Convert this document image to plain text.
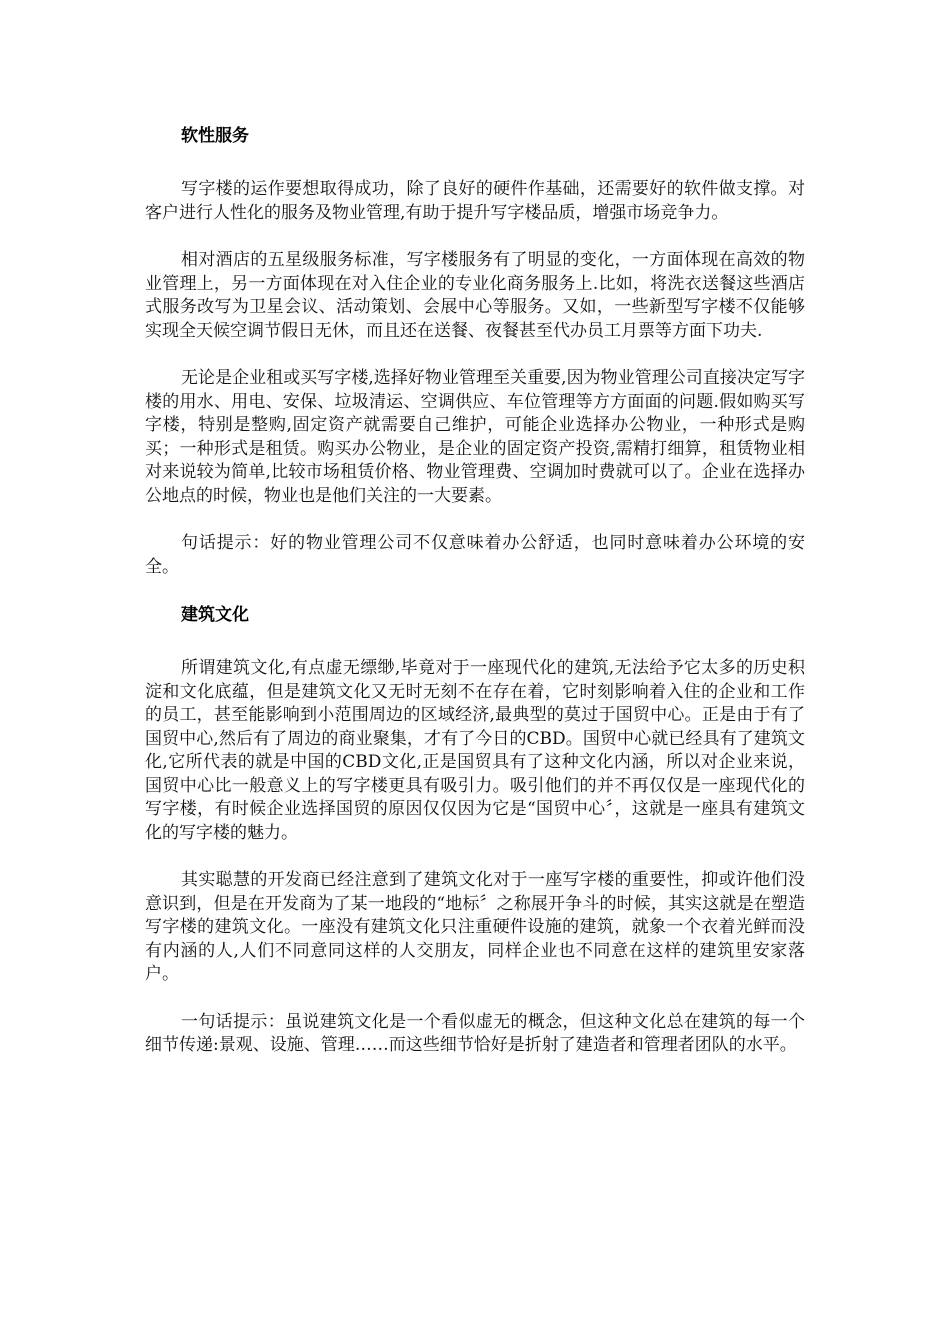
软性服务

写字楼的运作要想取得成功，除了良好的硬件作基础，还需要好的软件做支撑。对客户进行人性化的服务及物业管理,有助于提升写字楼品质，增强市场竞争力。

相对酒店的五星级服务标准，写字楼服务有了明显的变化，一方面体现在高效的物业管理上，另一方面体现在对入住企业的专业化商务服务上.比如，将洗衣送餐这些酒店式服务改写为卫星会议、活动策划、会展中心等服务。又如，一些新型写字楼不仅能够实现全天候空调节假日无休，而且还在送餐、夜餐甚至代办员工月票等方面下功夫.

无论是企业租或买写字楼,选择好物业管理至关重要,因为物业管理公司直接决定写字楼的用水、用电、安保、垃圾清运、空调供应、车位管理等方方面面的问题.假如购买写字楼，特别是整购,固定资产就需要自己维护，可能企业选择办公物业，一种形式是购买；一种形式是租赁。购买办公物业，是企业的固定资产投资,需精打细算，租赁物业相对来说较为简单,比较市场租赁价格、物业管理费、空调加时费就可以了。企业在选择办公地点的时候，物业也是他们关注的一大要素。

句话提示：好的物业管理公司不仅意味着办公舒适，也同时意味着办公环境的安全。

建筑文化

所谓建筑文化,有点虚无缥缈,毕竟对于一座现代化的建筑,无法给予它太多的历史积淀和文化底蕴，但是建筑文化又无时无刻不在存在着，它时刻影响着入住的企业和工作的员工，甚至能影响到小范围周边的区域经济,最典型的莫过于国贸中心。正是由于有了国贸中心,然后有了周边的商业聚集，才有了今日的CBD。国贸中心就已经具有了建筑文化,它所代表的就是中国的CBD文化,正是国贸具有了这种文化内涵，所以对企业来说，国贸中心比一般意义上的写字楼更具有吸引力。吸引他们的并不再仅仅是一座现代化的写字楼，有时候企业选择国贸的原因仅仅因为它是“国贸中心〞，这就是一座具有建筑文化的写字楼的魅力。

其实聪慧的开发商已经注意到了建筑文化对于一座写字楼的重要性，抑或许他们没意识到，但是在开发商为了某一地段的“地标〞之称展开争斗的时候，其实这就是在塑造写字楼的建筑文化。一座没有建筑文化只注重硬件设施的建筑，就象一个衣着光鲜而没有内涵的人,人们不同意同这样的人交朋友，同样企业也不同意在这样的建筑里安家落户。

一句话提示：虽说建筑文化是一个看似虚无的概念，但这种文化总在建筑的每一个细节传递:景观、设施、管理……而这些细节恰好是折射了建造者和管理者团队的水平。
